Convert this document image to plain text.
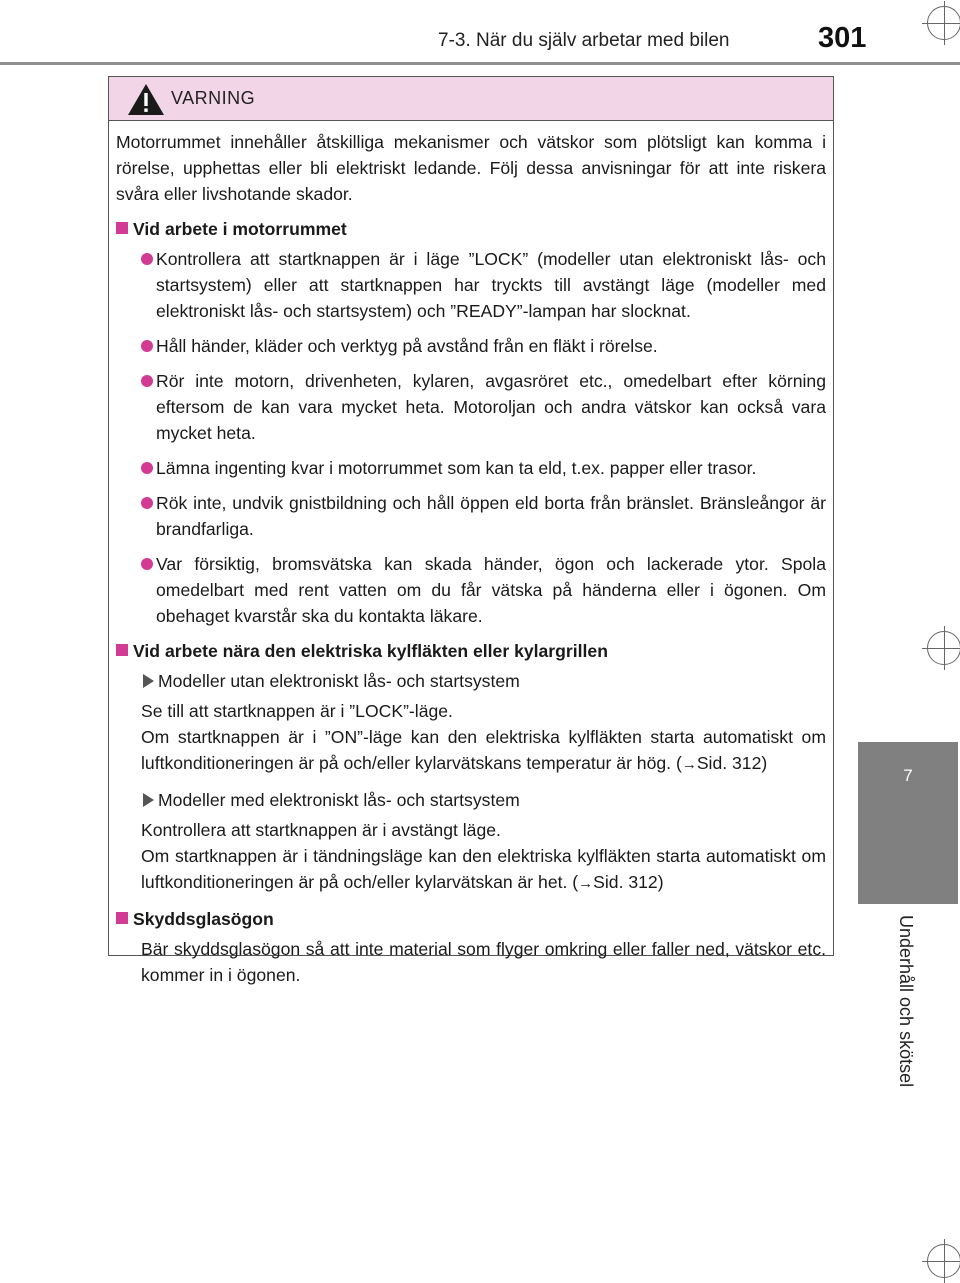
7-3. När du själv arbetar med bilen	301
7
Underhåll och skötsel
VARNING

Motorrummet innehåller åtskilliga mekanismer och vätskor som plötsligt kan komma i rörelse, upphettas eller bli elektriskt ledande. Följ dessa anvisningar för att inte riskera svåra eller livshotande skador.

Vid arbete i motorrummet
Kontrollera att startknappen är i läge ”LOCK” (modeller utan elektroniskt lås- och startsystem) eller att startknappen har tryckts till avstängt läge (modeller med elektroniskt lås- och startsystem) och ”READY”-lampan har slocknat.
Håll händer, kläder och verktyg på avstånd från en fläkt i rörelse.
Rör inte motorn, drivenheten, kylaren, avgasröret etc., omedelbart efter körning eftersom de kan vara mycket heta. Motoroljan och andra vätskor kan också vara mycket heta.
Lämna ingenting kvar i motorrummet som kan ta eld, t.ex. papper eller trasor.
Rök inte, undvik gnistbildning och håll öppen eld borta från bränslet. Bränsleångor är brandfarliga.
Var försiktig, bromsvätska kan skada händer, ögon och lackerade ytor. Spola omedelbart med rent vatten om du får vätska på händerna eller i ögonen. Om obehaget kvarstår ska du kontakta läkare.
Vid arbete nära den elektriska kylfläkten eller kylargrillen
Modeller utan elektroniskt lås- och startsystem
Se till att startknappen är i ”LOCK”-läge.
Om startknappen är i ”ON”-läge kan den elektriska kylfläkten starta automatiskt om luftkonditioneringen är på och/eller kylarvätskans temperatur är hög. (→Sid. 312)
Modeller med elektroniskt lås- och startsystem
Kontrollera att startknappen är i avstängt läge.
Om startknappen är i tändningsläge kan den elektriska kylfläkten starta automatiskt om luftkonditioneringen är på och/eller kylarvätskan är het. (→Sid. 312)
Skyddsglasögon
Bär skyddsglasögon så att inte material som flyger omkring eller faller ned, vätskor etc. kommer in i ögonen.
